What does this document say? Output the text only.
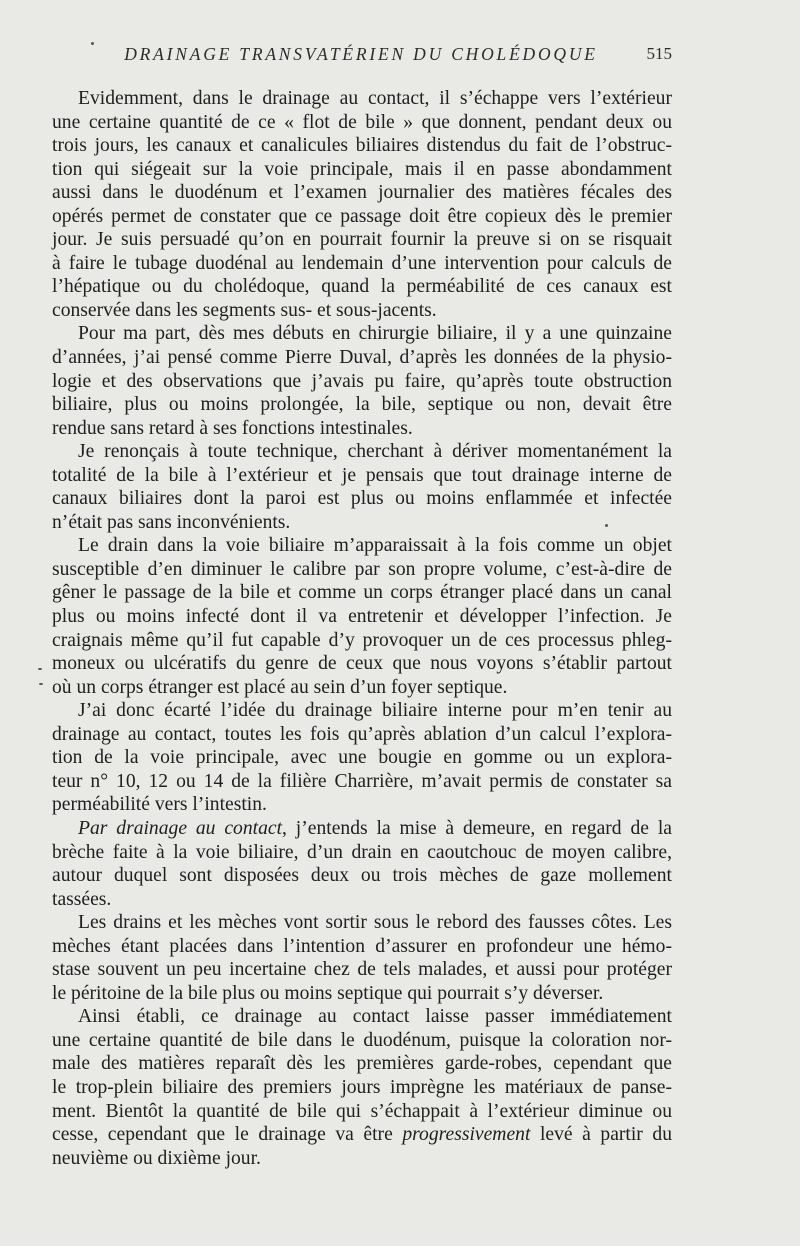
DRAINAGE TRANSVATÉRIEN DU CHOLÉDOQUE	515
Evidemment, dans le drainage au contact, il s’échappe vers l’extérieur
une certaine quantité de ce « flot de bile » que donnent, pendant deux ou
trois jours, les canaux et canalicules biliaires distendus du fait de l’obstruc-
tion qui siégeait sur la voie principale, mais il en passe abondamment
aussi dans le duodénum et l’examen journalier des matières fécales des
opérés permet de constater que ce passage doit être copieux dès le premier
jour. Je suis persuadé qu’on en pourrait fournir la preuve si on se risquait
à faire le tubage duodénal au lendemain d’une intervention pour calculs de
l’hépatique ou du cholédoque, quand la perméabilité de ces canaux est
conservée dans les segments sus- et sous-jacents.
Pour ma part, dès mes débuts en chirurgie biliaire, il y a une quinzaine
d’années, j’ai pensé comme Pierre Duval, d’après les données de la physio-
logie et des observations que j’avais pu faire, qu’après toute obstruction
biliaire, plus ou moins prolongée, la bile, septique ou non, devait être
rendue sans retard à ses fonctions intestinales.
Je renonçais à toute technique, cherchant à dériver momentanément la
totalité de la bile à l’extérieur et je pensais que tout drainage interne de
canaux biliaires dont la paroi est plus ou moins enflammée et infectée
n’était pas sans inconvénients.
Le drain dans la voie biliaire m’apparaissait à la fois comme un objet
susceptible d’en diminuer le calibre par son propre volume, c’est-à-dire de
gêner le passage de la bile et comme un corps étranger placé dans un canal
plus ou moins infecté dont il va entretenir et développer l’infection. Je
craignais même qu’il fut capable d’y provoquer un de ces processus phleg-
moneux ou ulcératifs du genre de ceux que nous voyons s’établir partout
où un corps étranger est placé au sein d’un foyer septique.
J’ai donc écarté l’idée du drainage biliaire interne pour m’en tenir au
drainage au contact, toutes les fois qu’après ablation d’un calcul l’explora-
tion de la voie principale, avec une bougie en gomme ou un explora-
teur n° 10, 12 ou 14 de la filière Charrière, m’avait permis de constater sa
perméabilité vers l’intestin.
Par drainage au contact, j’entends la mise à demeure, en regard de la
brèche faite à la voie biliaire, d’un drain en caoutchouc de moyen calibre,
autour duquel sont disposées deux ou trois mèches de gaze mollement
tassées.
Les drains et les mèches vont sortir sous le rebord des fausses côtes. Les
mèches étant placées dans l’intention d’assurer en profondeur une hémo-
stase souvent un peu incertaine chez de tels malades, et aussi pour protéger
le péritoine de la bile plus ou moins septique qui pourrait s’y déverser.
Ainsi établi, ce drainage au contact laisse passer immédiatement
une certaine quantité de bile dans le duodénum, puisque la coloration nor-
male des matières reparaît dès les premières garde-robes, cependant que
le trop-plein biliaire des premiers jours imprègne les matériaux de panse-
ment. Bientôt la quantité de bile qui s’échappait à l’extérieur diminue ou
cesse, cependant que le drainage va être progressivement levé à partir du
neuvième ou dixième jour.
